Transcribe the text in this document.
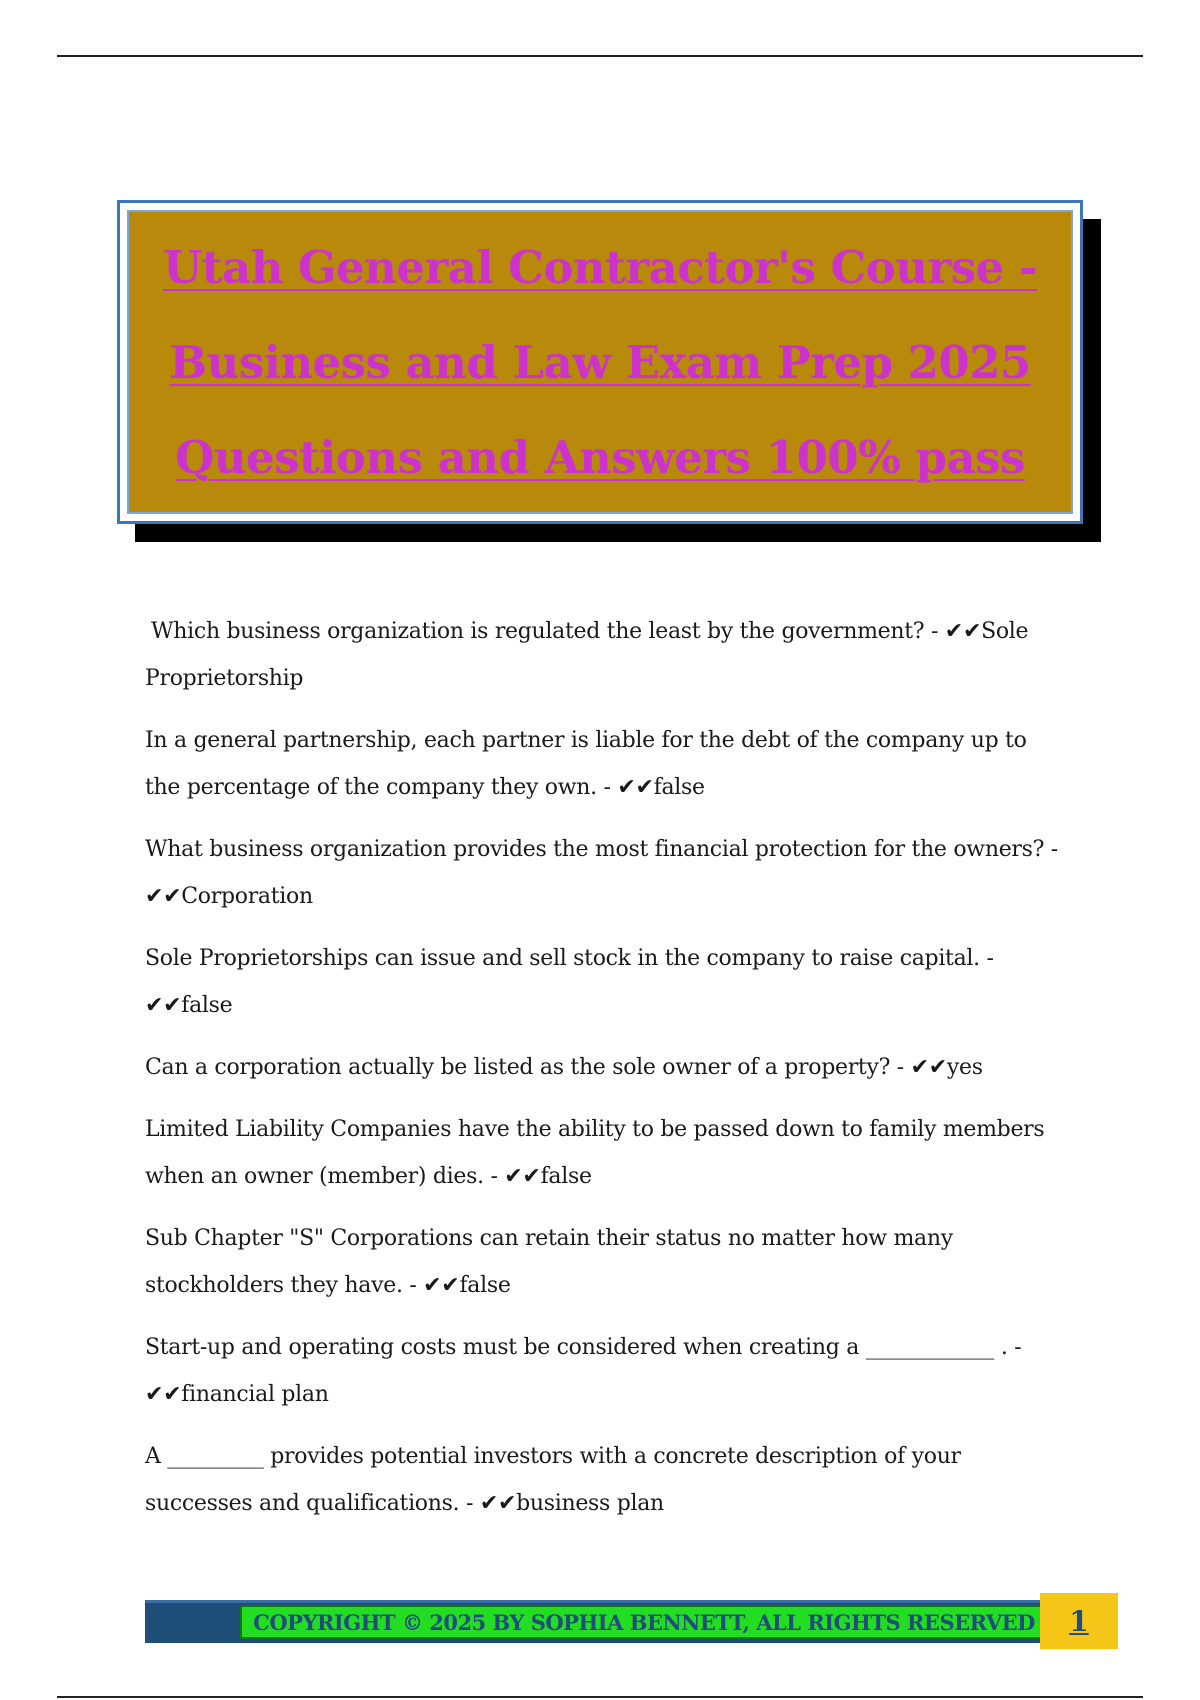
Utah General Contractor's Course -
Business and Law Exam Prep 2025
Questions and Answers 100% pass

Which business organization is regulated the least by the government? - ✔✔Sole Proprietorship

In a general partnership, each partner is liable for the debt of the company up to the percentage of the company they own. - ✔✔false

What business organization provides the most financial protection for the owners? - ✔✔Corporation

Sole Proprietorships can issue and sell stock in the company to raise capital. - ✔✔false

Can a corporation actually be listed as the sole owner of a property? - ✔✔yes

Limited Liability Companies have the ability to be passed down to family members when an owner (member) dies. - ✔✔false

Sub Chapter "S" Corporations can retain their status no matter how many stockholders they have. - ✔✔false

Start-up and operating costs must be considered when creating a ____________ . - ✔✔financial plan

A _________ provides potential investors with a concrete description of your successes and qualifications. - ✔✔business plan

COPYRIGHT © 2025 BY SOPHIA BENNETT, ALL RIGHTS RESERVED 1
